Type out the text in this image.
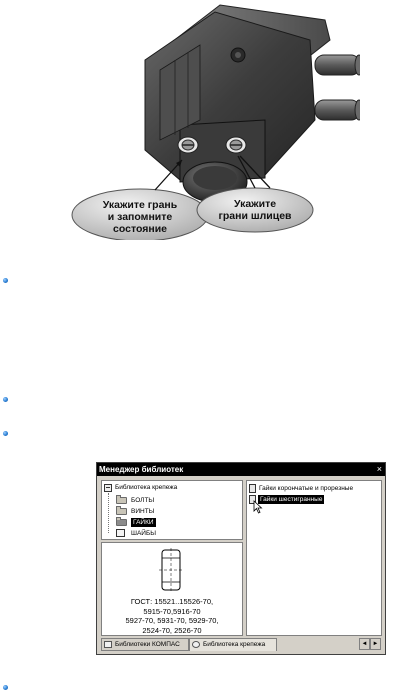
Укажите грань
и запомните
состояние
Укажите
грани шлицев
Менеджер библиотек	×
Библиотека крепежа
БОЛТЫ
ВИНТЫ
ГАЙКИ
ШАЙБЫ
ГОСТ: 15521..15526-70,
5915-70,5916-70
5927-70, 5931-70, 5929-70,
2524-70, 2526-70
Гайки корончатые и прорезные
Гайки шестигранные
Библиотеки КОМПАС	Библиотека крепежа	◄ ►
